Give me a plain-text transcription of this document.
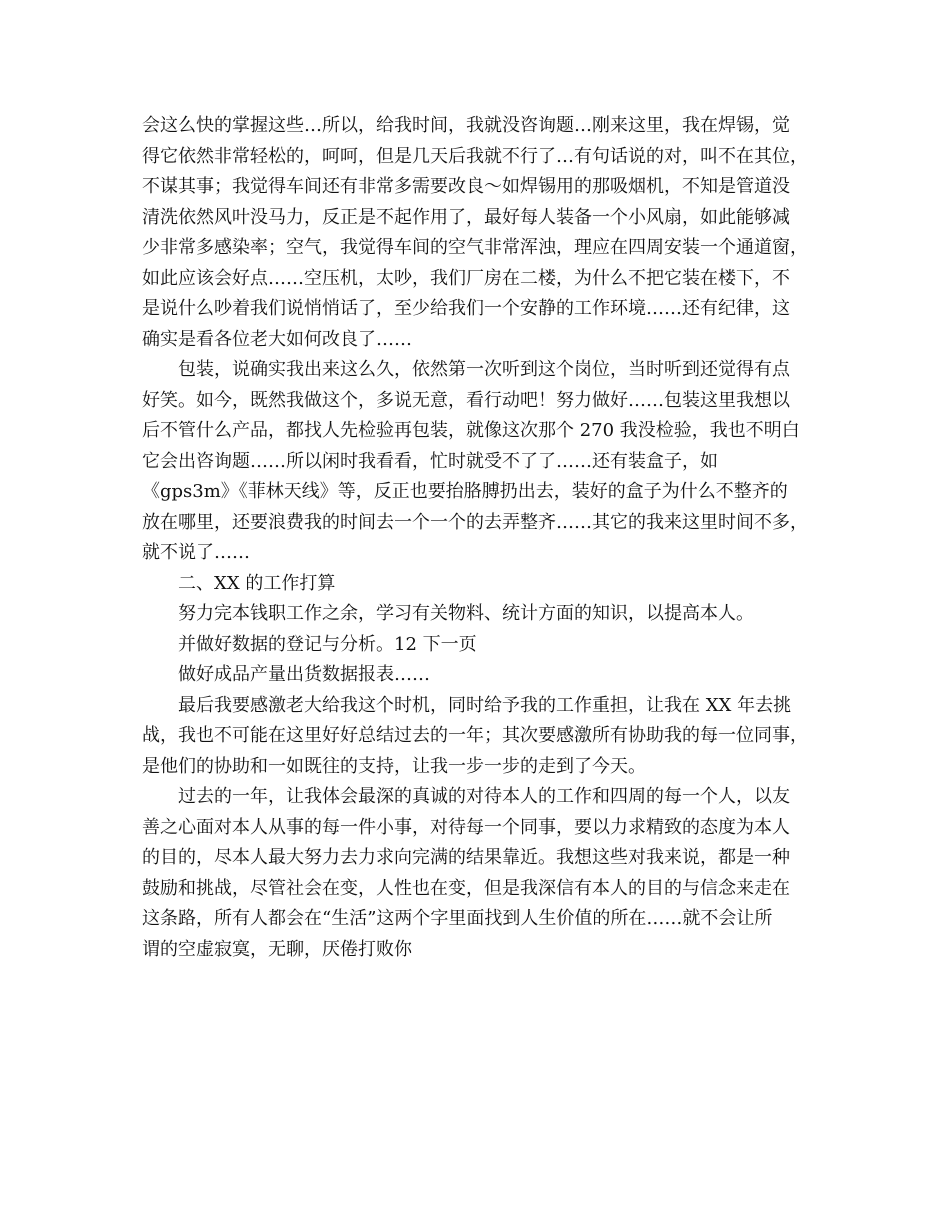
会这么快的掌握这些…所以，给我时间，我就没咨询题…刚来这里，我在焊锡，觉
得它依然非常轻松的，呵呵，但是几天后我就不行了…有句话说的对，叫不在其位，
不谋其事；我觉得车间还有非常多需要改良～如焊锡用的那吸烟机，不知是管道没
清洗依然风叶没马力，反正是不起作用了，最好每人装备一个小风扇，如此能够减
少非常多感染率；空气，我觉得车间的空气非常浑浊，理应在四周安装一个通道窗，
如此应该会好点……空压机，太吵，我们厂房在二楼，为什么不把它装在楼下，不
是说什么吵着我们说悄悄话了，至少给我们一个安静的工作环境……还有纪律，这
确实是看各位老大如何改良了……
包装，说确实我出来这么久，依然第一次听到这个岗位，当时听到还觉得有点
好笑。如今，既然我做这个，多说无意，看行动吧！努力做好……包装这里我想以
后不管什么产品，都找人先检验再包装，就像这次那个 270 我没检验，我也不明白
它会出咨询题……所以闲时我看看，忙时就受不了了……还有装盒子，如
《gps3m》《菲林天线》等，反正也要抬胳膊扔出去，装好的盒子为什么不整齐的
放在哪里，还要浪费我的时间去一个一个的去弄整齐……其它的我来这里时间不多，
就不说了……
二、XX 的工作打算
努力完本钱职工作之余，学习有关物料、统计方面的知识，以提高本人。
并做好数据的登记与分析。12 下一页
做好成品产量出货数据报表……
最后我要感激老大给我这个时机，同时给予我的工作重担，让我在 XX 年去挑
战，我也不可能在这里好好总结过去的一年；其次要感激所有协助我的每一位同事，
是他们的协助和一如既往的支持，让我一步一步的走到了今天。
过去的一年，让我体会最深的真诚的对待本人的工作和四周的每一个人，以友
善之心面对本人从事的每一件小事，对待每一个同事，要以力求精致的态度为本人
的目的，尽本人最大努力去力求向完满的结果靠近。我想这些对我来说，都是一种
鼓励和挑战，尽管社会在变，人性也在变，但是我深信有本人的目的与信念来走在
这条路，所有人都会在“生活”这两个字里面找到人生价值的所在……就不会让所
谓的空虚寂寞，无聊，厌倦打败你
